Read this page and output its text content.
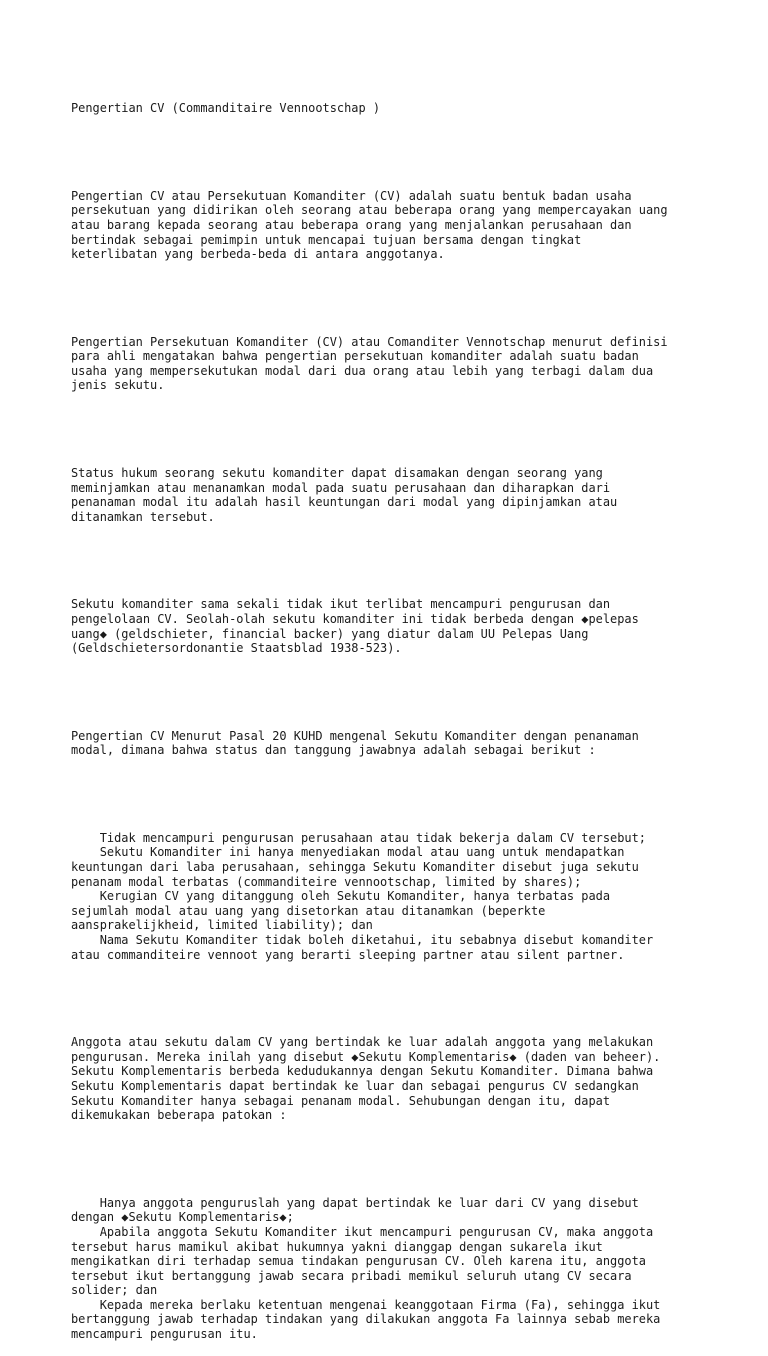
Pengertian CV (Commanditaire Vennootschap )

Pengertian CV atau Persekutuan Komanditer (CV) adalah suatu bentuk badan usaha
persekutuan yang didirikan oleh seorang atau beberapa orang yang mempercayakan uang
atau barang kepada seorang atau beberapa orang yang menjalankan perusahaan dan
bertindak sebagai pemimpin untuk mencapai tujuan bersama dengan tingkat
keterlibatan yang berbeda-beda di antara anggotanya.

Pengertian Persekutuan Komanditer (CV) atau Comanditer Vennotschap menurut definisi
para ahli mengatakan bahwa pengertian persekutuan komanditer adalah suatu badan
usaha yang mempersekutukan modal dari dua orang atau lebih yang terbagi dalam dua
jenis sekutu.

Status hukum seorang sekutu komanditer dapat disamakan dengan seorang yang
meminjamkan atau menanamkan modal pada suatu perusahaan dan diharapkan dari
penanaman modal itu adalah hasil keuntungan dari modal yang dipinjamkan atau
ditanamkan tersebut.

Sekutu komanditer sama sekali tidak ikut terlibat mencampuri pengurusan dan
pengelolaan CV. Seolah-olah sekutu komanditer ini tidak berbeda dengan ◆pelepas
uang◆ (geldschieter, financial backer) yang diatur dalam UU Pelepas Uang
(Geldschietersordonantie Staatsblad 1938-523).

Pengertian CV Menurut Pasal 20 KUHD mengenal Sekutu Komanditer dengan penanaman
modal, dimana bahwa status dan tanggung jawabnya adalah sebagai berikut :

Tidak mencampuri pengurusan perusahaan atau tidak bekerja dalam CV tersebut;
Sekutu Komanditer ini hanya menyediakan modal atau uang untuk mendapatkan
keuntungan dari laba perusahaan, sehingga Sekutu Komanditer disebut juga sekutu
penanam modal terbatas (commanditeire vennootschap, limited by shares);
Kerugian CV yang ditanggung oleh Sekutu Komanditer, hanya terbatas pada
sejumlah modal atau uang yang disetorkan atau ditanamkan (beperkte
aansprakelijkheid, limited liability); dan
Nama Sekutu Komanditer tidak boleh diketahui, itu sebabnya disebut komanditer
atau commanditeire vennoot yang berarti sleeping partner atau silent partner.

Anggota atau sekutu dalam CV yang bertindak ke luar adalah anggota yang melakukan
pengurusan. Mereka inilah yang disebut ◆Sekutu Komplementaris◆ (daden van beheer).
Sekutu Komplementaris berbeda kedudukannya dengan Sekutu Komanditer. Dimana bahwa
Sekutu Komplementaris dapat bertindak ke luar dan sebagai pengurus CV sedangkan
Sekutu Komanditer hanya sebagai penanam modal. Sehubungan dengan itu, dapat
dikemukakan beberapa patokan :

Hanya anggota penguruslah yang dapat bertindak ke luar dari CV yang disebut
dengan ◆Sekutu Komplementaris◆;
Apabila anggota Sekutu Komanditer ikut mencampuri pengurusan CV, maka anggota
tersebut harus mamikul akibat hukumnya yakni dianggap dengan sukarela ikut
mengikatkan diri terhadap semua tindakan pengurusan CV. Oleh karena itu, anggota
tersebut ikut bertanggung jawab secara pribadi memikul seluruh utang CV secara
solider; dan
Kepada mereka berlaku ketentuan mengenai keanggotaan Firma (Fa), sehingga ikut
bertanggung jawab terhadap tindakan yang dilakukan anggota Fa lainnya sebab mereka
mencampuri pengurusan itu.
